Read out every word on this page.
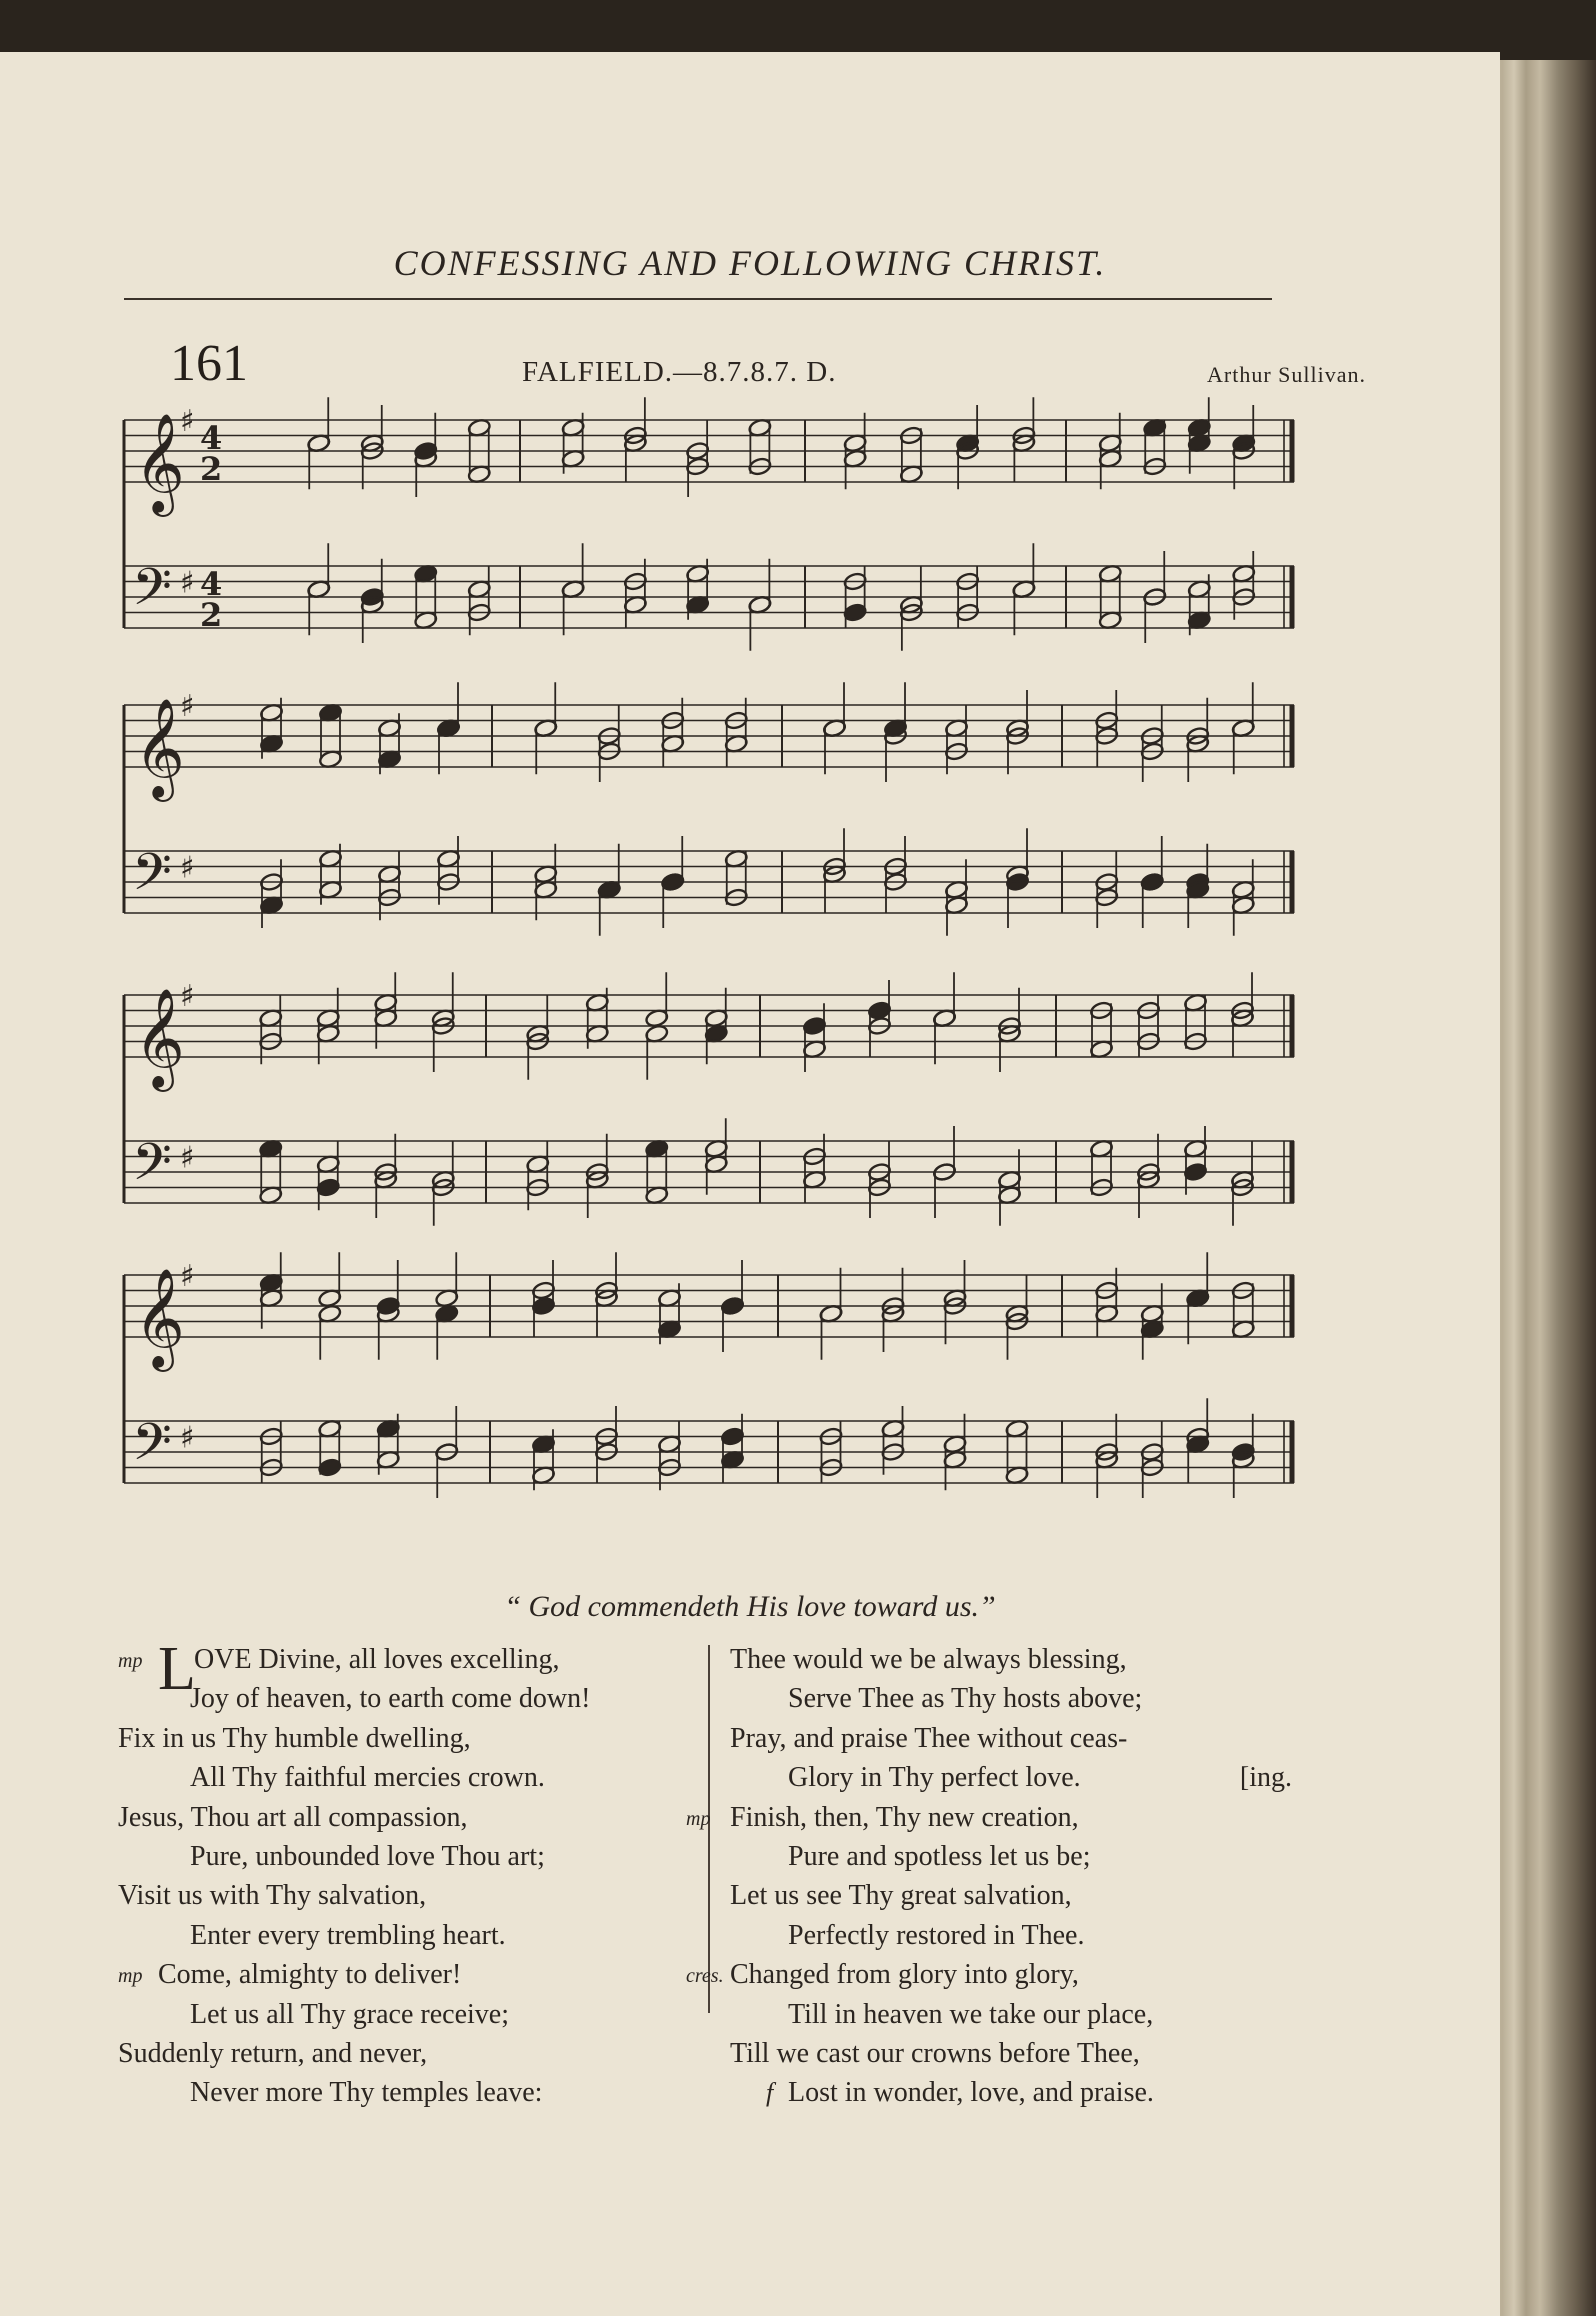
CONFESSING AND FOLLOWING CHRIST.
161	FALFIELD.—8.7.8.7. D.	Arthur Sullivan.
𝄞
𝄢
♯
♯
4
4
2
2
𝄞
𝄢
♯
♯
𝄞
𝄢
♯
♯
𝄞
𝄢
♯
♯
“ God commendeth His love toward us.”
mp L
OVE Divine, all loves excelling,
Joy of heaven, to earth come down!
Fix in us Thy humble dwelling,
All Thy faithful mercies crown.
Jesus, Thou art all compassion,
Pure, unbounded love Thou art;
Visit us with Thy salvation,
Enter every trembling heart.
mp Come, almighty to deliver!
Let us all Thy grace receive;
Suddenly return, and never,
Never more Thy temples leave:
Thee would we be always blessing,
Serve Thee as Thy hosts above;
Pray, and praise Thee without ceas-
Glory in Thy perfect love.	[ing.
mp Finish, then, Thy new creation,
Pure and spotless let us be;
Let us see Thy great salvation,
Perfectly restored in Thee.
cres. Changed from glory into glory,
Till in heaven we take our place,
Till we cast our crowns before Thee,
f Lost in wonder, love, and praise.
